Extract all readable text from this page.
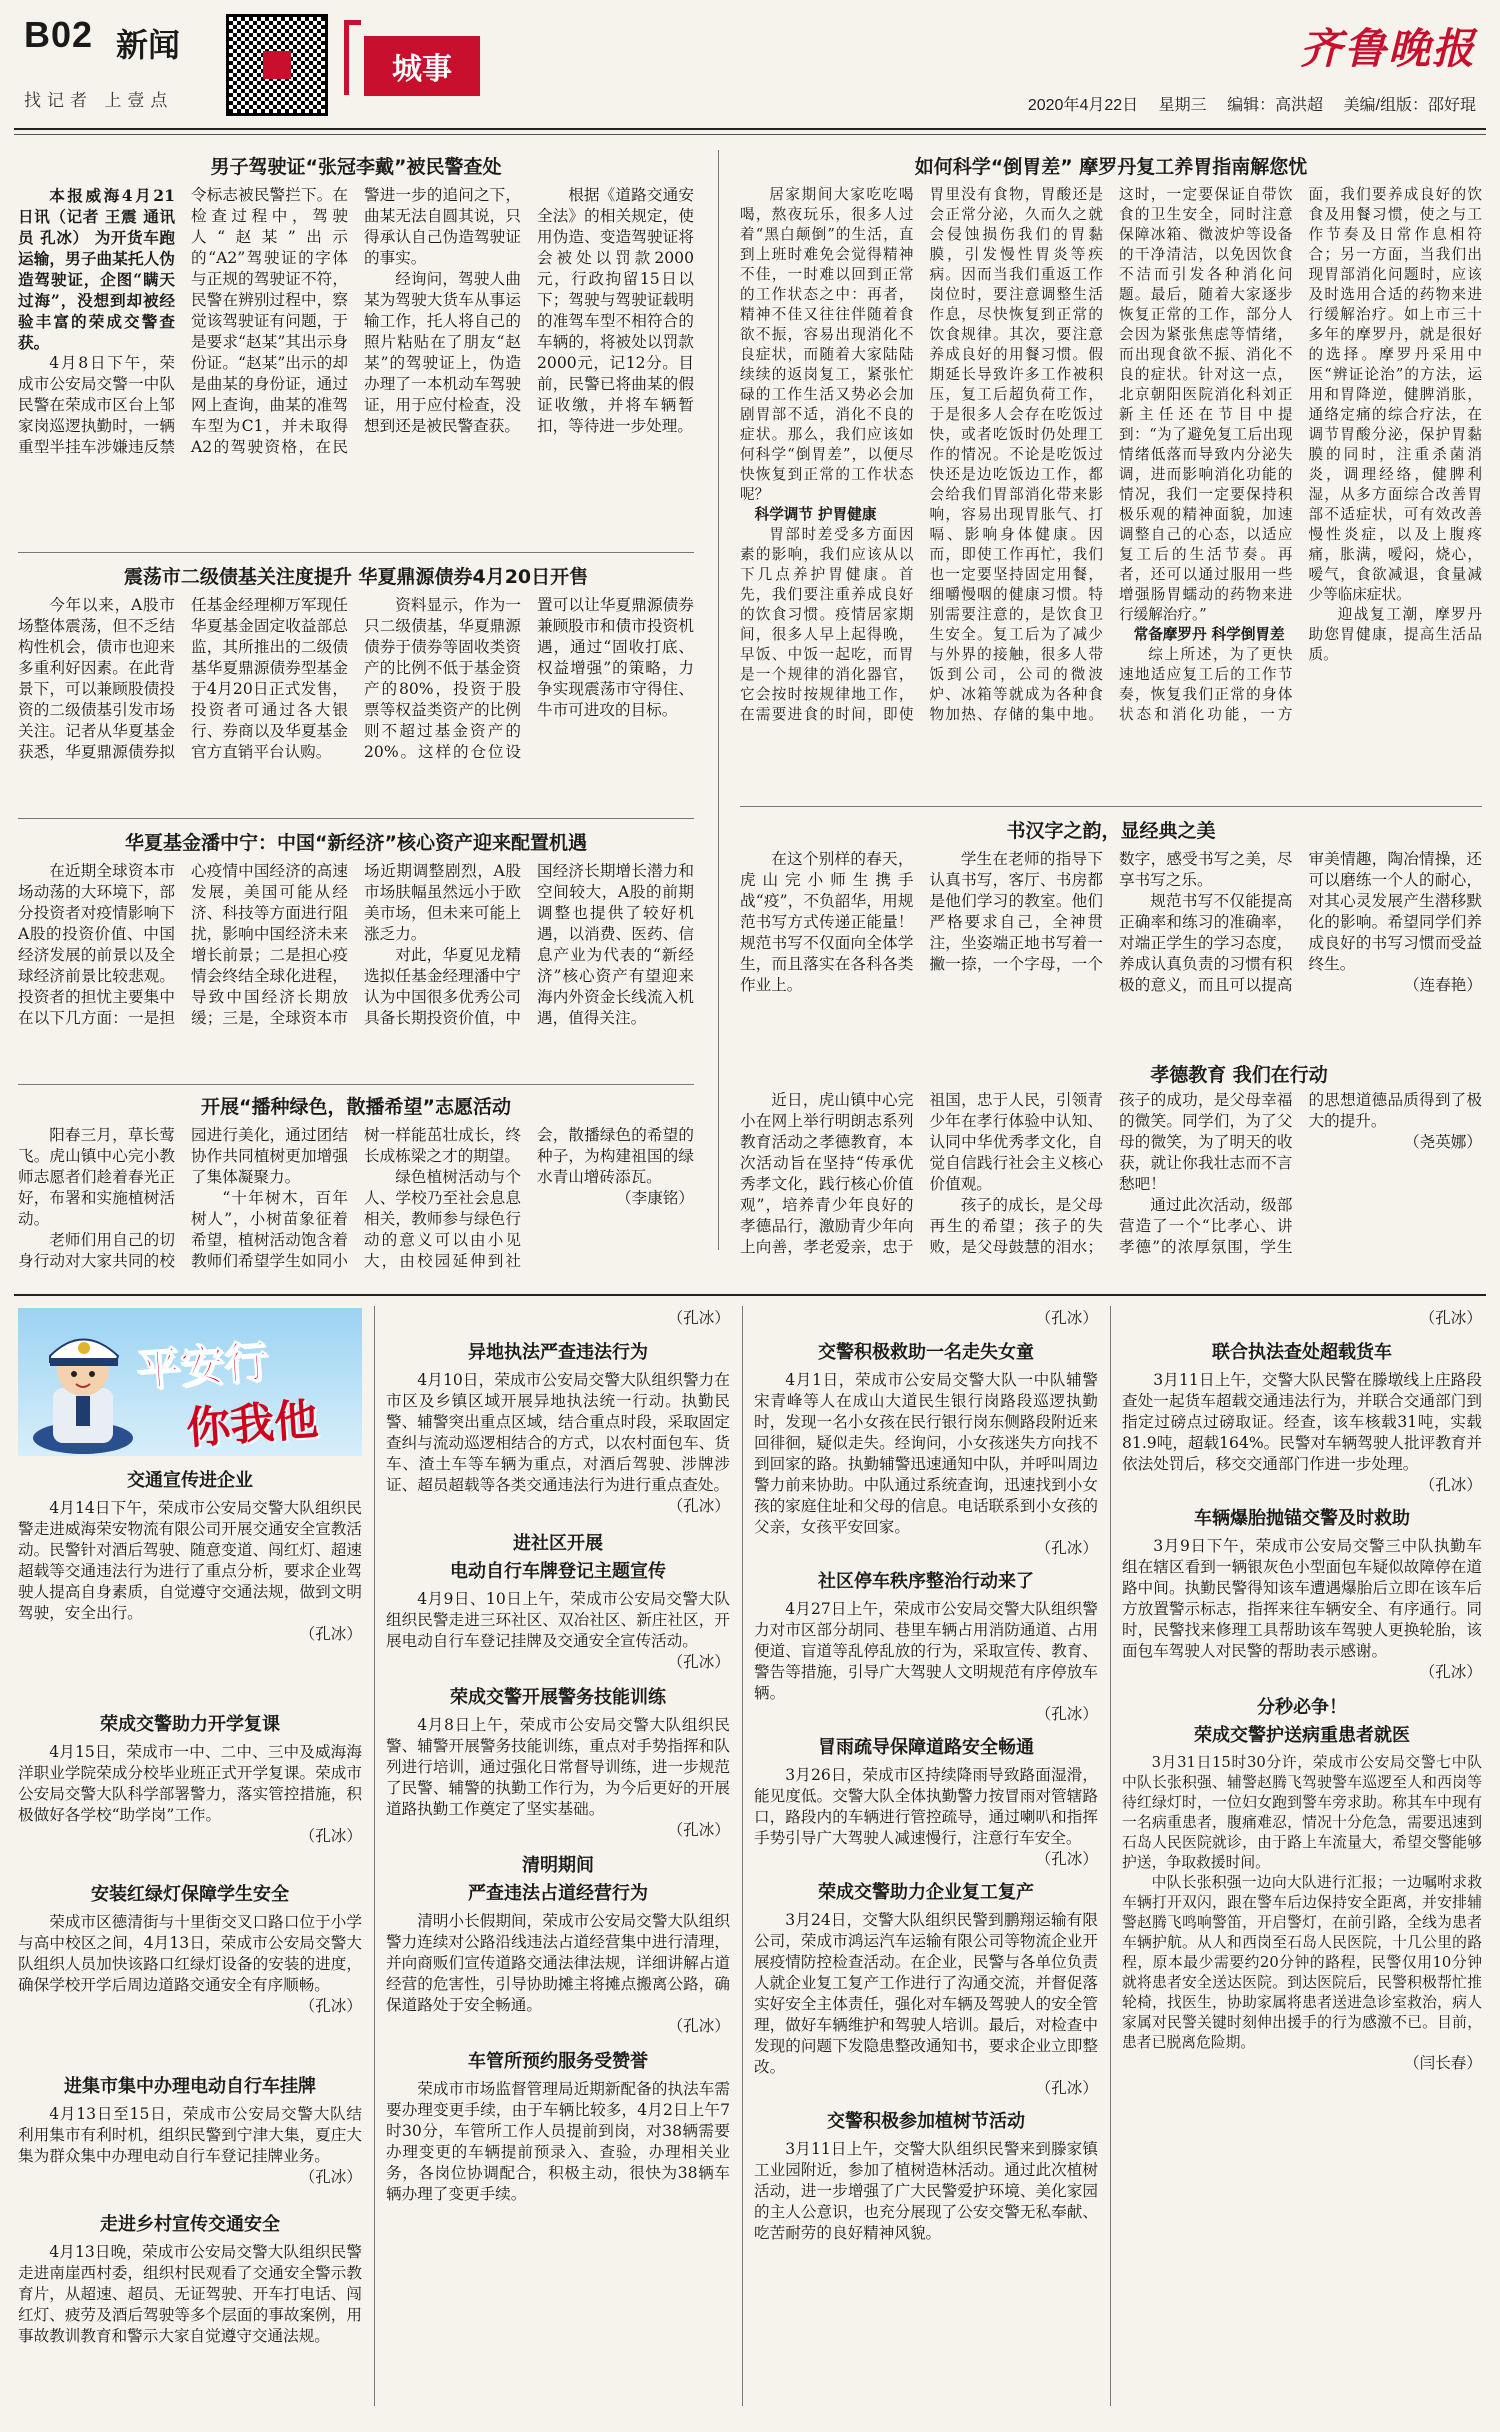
B02 新闻
找记者 上壹点
城事	齐鲁晚报
2020年4月22日 星期三 编辑：高洪超 美编/组版：邵好琨
男子驾驶证“张冠李戴”被民警查处

本报威海4月21日讯（记者 王震 通讯员 孔冰） 为开货车跑运输，男子曲某托人伪造驾驶证，企图“瞒天过海”，没想到却被经验丰富的荣成交警查获。

4月8日下午，荣成市公安局交警一中队民警在荣成市区台上邹家岗巡逻执勤时，一辆重型半挂车涉嫌违反禁令标志被民警拦下。在检查过程中，驾驶人“赵某”出示的“A2”驾驶证的字体与正规的驾驶证不符，民警在辨别过程中，察觉该驾驶证有问题，于是要求“赵某”其出示身份证。“赵某”出示的却是曲某的身份证，通过网上查询，曲某的准驾车型为C1，并未取得A2的驾驶资格，在民警进一步的追问之下，曲某无法自圆其说，只得承认自己伪造驾驶证的事实。

经询问，驾驶人曲某为驾驶大货车从事运输工作，托人将自己的照片粘贴在了朋友“赵某”的驾驶证上，伪造办理了一本机动车驾驶证，用于应付检查，没想到还是被民警查获。

根据《道路交通安全法》的相关规定，使用伪造、变造驾驶证将会被处以罚款2000元，行政拘留15日以下；驾驶与驾驶证载明的准驾车型不相符合的车辆的，将被处以罚款2000元，记12分。目前，民警已将曲某的假证收缴，并将车辆暂扣，等待进一步处理。

震荡市二级债基关注度提升 华夏鼎源债券4月20日开售

今年以来，A股市场整体震荡，但不乏结构性机会，债市也迎来多重利好因素。在此背景下，可以兼顾股债投资的二级债基引发市场关注。记者从华夏基金获悉，华夏鼎源债券拟任基金经理柳万军现任华夏基金固定收益部总监，其所推出的二级债基华夏鼎源债券型基金于4月20日正式发售，投资者可通过各大银行、券商以及华夏基金官方直销平台认购。

资料显示，作为一只二级债基，华夏鼎源债券于债券等固收类资产的比例不低于基金资产的80%，投资于股票等权益类资产的比例则不超过基金资产的20%。这样的仓位设置可以让华夏鼎源债券兼顾股市和债市投资机遇，通过“固收打底、权益增强”的策略，力争实现震荡市守得住、牛市可进攻的目标。

华夏基金潘中宁：中国“新经济”核心资产迎来配置机遇

在近期全球资本市场动荡的大环境下，部分投资者对疫情影响下A股的投资价值、中国经济发展的前景以及全球经济前景比较悲观。投资者的担忧主要集中在以下几方面：一是担心疫情中国经济的高速发展，美国可能从经济、科技等方面进行阻扰，影响中国经济未来增长前景；二是担心疫情会终结全球化进程，导致中国经济长期放缓；三是，全球资本市场近期调整剧烈，A股市场肤幅虽然远小于欧美市场，但未来可能上涨乏力。

对此，华夏见龙精选拟任基金经理潘中宁认为中国很多优秀公司具备长期投资价值，中国经济长期增长潜力和空间较大，A股的前期调整也提供了较好机遇，以消费、医药、信息产业为代表的“新经济”核心资产有望迎来海内外资金长线流入机遇，值得关注。

开展“播种绿色，散播希望”志愿活动

阳春三月，草长莺飞。虎山镇中心完小教师志愿者们趁着春光正好，布署和实施植树活动。

老师们用自己的切身行动对大家共同的校园进行美化，通过团结协作共同植树更加增强了集体凝聚力。

“十年树木，百年树人”，小树苗象征着希望，植树活动饱含着教师们希望学生如同小树一样能茁壮成长，终长成栋梁之才的期望。

绿色植树活动与个人、学校乃至社会息息相关，教师参与绿色行动的意义可以由小见大，由校园延伸到社会，散播绿色的希望的种子，为构建祖国的绿水青山增砖添瓦。

（李康铭）
如何科学“倒胃差” 摩罗丹复工养胃指南解您忧

居家期间大家吃吃喝喝，熬夜玩乐，很多人过着“黑白颠倒”的生活，直到上班时难免会觉得精神不佳，一时难以回到正常的工作状态之中：再者，精神不佳又往往伴随着食欲不振，容易出现消化不良症状，而随着大家陆陆续续的返岗复工，紧张忙碌的工作生活又势必会加剧胃部不适，消化不良的症状。那么，我们应该如何科学“倒胃差”，以便尽快恢复到正常的工作状态呢？

科学调节 护胃健康

胃部时差受多方面因素的影响，我们应该从以下几点养护胃健康。首先，我们要注重养成良好的饮食习惯。疫情居家期间，很多人早上起得晚，早饭、中饭一起吃，而胃是一个规律的消化器官，它会按时按规律地工作，在需要进食的时间，即使胃里没有食物，胃酸还是会正常分泌，久而久之就会侵蚀损伤我们的胃黏膜，引发慢性胃炎等疾病。因而当我们重返工作岗位时，要注意调整生活作息，尽快恢复到正常的饮食规律。其次，要注意养成良好的用餐习惯。假期延长导致许多工作被积压，复工后超负荷工作，于是很多人会存在吃饭过快，或者吃饭时仍处理工作的情况。不论是吃饭过快还是边吃饭边工作，都会给我们胃部消化带来影响，容易出现胃胀气、打嗝、影响身体健康。因而，即使工作再忙，我们也一定要坚持固定用餐，细嚼慢咽的健康习惯。特别需要注意的，是饮食卫生安全。复工后为了减少与外界的接触，很多人带饭到公司，公司的微波炉、冰箱等就成为各种食物加热、存储的集中地。这时，一定要保证自带饮食的卫生安全，同时注意保障冰箱、微波炉等设备的干净清洁，以免因饮食不洁而引发各种消化问题。最后，随着大家逐步恢复正常的工作，部分人会因为紧张焦虑等情绪，而出现食欲不振、消化不良的症状。针对这一点，北京朝阳医院消化科刘正新主任还在节目中提到：“为了避免复工后出现情绪低落而导致内分泌失调，进而影响消化功能的情况，我们一定要保持积极乐观的精神面貌，加速调整自己的心态，以适应复工后的生活节奏。再者，还可以通过服用一些增强肠胃蠕动的药物来进行缓解治疗。”

常备摩罗丹 科学倒胃差

综上所述，为了更快速地适应复工后的工作节奏，恢复我们正常的身体状态和消化功能，一方面，我们要养成良好的饮食及用餐习惯，使之与工作节奏及日常作息相符合；另一方面，当我们出现胃部消化问题时，应该及时选用合适的药物来进行缓解治疗。如上市三十多年的摩罗丹，就是很好的选择。摩罗丹采用中医“辨证论治”的方法，运用和胃降逆，健脾消胀，通络定痛的综合疗法，在调节胃酸分泌，保护胃黏膜的同时，注重杀菌消炎，调理经络，健脾利湿，从多方面综合改善胃部不适症状，可有效改善慢性炎症，以及上腹疼痛，胀满，嗳闷，烧心，嗳气，食欲减退，食量减少等临床症状。

迎战复工潮，摩罗丹助您胃健康，提高生活品质。

书汉字之韵，显经典之美

在这个别样的春天，虎山完小师生携手战“疫”，不负韶华，用规范书写方式传递正能量！规范书写不仅面向全体学生，而且落实在各科各类作业上。

学生在老师的指导下认真书写，客厅、书房都是他们学习的教室。他们严格要求自己，全神贯注，坐姿端正地书写着一撇一捺，一个字母，一个数字，感受书写之美，尽享书写之乐。

规范书写不仅能提高正确率和练习的准确率，对端正学生的学习态度，养成认真负责的习惯有积极的意义，而且可以提高审美情趣，陶冶情操，还可以磨练一个人的耐心，对其心灵发展产生潜移默化的影响。希望同学们养成良好的书写习惯而受益终生。

（连春艳）
孝德教育 我们在行动

近日，虎山镇中心完小在网上举行明朗志系列教育活动之孝德教育，本次活动旨在坚持“传承优秀孝文化，践行核心价值观”，培养青少年良好的孝德品行，激励青少年向上向善，孝老爱亲，忠于祖国，忠于人民，引领青少年在孝行体验中认知、认同中华优秀孝文化，自觉自信践行社会主义核心价值观。

孩子的成长，是父母再生的希望；孩子的失败，是父母鼓慧的泪水；孩子的成功，是父母幸福的微笑。同学们，为了父母的微笑，为了明天的收获，就让你我壮志而不言愁吧！

通过此次活动，级部营造了一个“比孝心、讲孝德”的浓厚氛围，学生的思想道德品质得到了极大的提升。

（尧英娜）
平安行
你我他
交通宣传进企业

4月14日下午，荣成市公安局交警大队组织民警走进威海荣安物流有限公司开展交通安全宣教活动。民警针对酒后驾驶、随意变道、闯红灯、超速超载等交通违法行为进行了重点分析，要求企业驾驶人提高自身素质，自觉遵守交通法规，做到文明驾驶，安全出行。

（孔冰）
荣成交警助力开学复课

4月15日，荣成市一中、二中、三中及威海海洋职业学院荣成分校毕业班正式开学复课。荣成市公安局交警大队科学部署警力，落实管控措施，积极做好各学校“助学岗”工作。

（孔冰）
安装红绿灯保障学生安全

荣成市区德清街与十里街交叉口路口位于小学与高中校区之间，4月13日，荣成市公安局交警大队组织人员加快该路口红绿灯设备的安装的进度，确保学校开学后周边道路交通安全有序顺畅。

（孔冰）
进集市集中办理电动自行车挂牌

4月13日至15日，荣成市公安局交警大队结利用集市有利时机，组织民警到宁津大集，夏庄大集为群众集中办理电动自行车登记挂牌业务。

（孔冰）
走进乡村宣传交通安全

4月13日晚，荣成市公安局交警大队组织民警走进南崖西村委，组织村民观看了交通安全警示教育片，从超速、超员、无证驾驶、开车打电话、闯红灯、疲劳及酒后驾驶等多个层面的事故案例，用事故教训教育和警示大家自觉遵守交通法规。

（孔冰）
异地执法严查违法行为

4月10日，荣成市公安局交警大队组织警力在市区及乡镇区域开展异地执法统一行动。执勤民警、辅警突出重点区域，结合重点时段，采取固定查纠与流动巡逻相结合的方式，以农村面包车、货车、渣土车等车辆为重点，对酒后驾驶、涉牌涉证、超员超载等各类交通违法行为进行重点查处。

（孔冰）
进社区开展
电动自行车牌登记主题宣传

4月9日、10日上午，荣成市公安局交警大队组织民警走进三环社区、双冶社区、新庄社区，开展电动自行车登记挂牌及交通安全宣传活动。

（孔冰）
荣成交警开展警务技能训练

4月8日上午，荣成市公安局交警大队组织民警、辅警开展警务技能训练，重点对手势指挥和队列进行培训，通过强化日常督导训练，进一步规范了民警、辅警的执勤工作行为，为今后更好的开展道路执勤工作奠定了坚实基础。

（孔冰）
清明期间
严查违法占道经营行为

清明小长假期间，荣成市公安局交警大队组织警力连续对公路沿线违法占道经营集中进行清理，并向商贩们宣传道路交通法律法规，详细讲解占道经营的危害性，引导协助摊主将摊点搬离公路，确保道路处于安全畅通。

（孔冰）
车管所预约服务受赞誉

荣成市市场监督管理局近期新配备的执法车需要办理变更手续，由于车辆比较多，4月2日上午7时30分，车管所工作人员提前到岗，对38辆需要办理变更的车辆提前预录入、查验，办理相关业务，各岗位协调配合，积极主动，很快为38辆车辆办理了变更手续。

（孔冰）
交警积极救助一名走失女童

4月1日，荣成市公安局交警大队一中队辅警宋青峰等人在成山大道民生银行岗路段巡逻执勤时，发现一名小女孩在民行银行岗东侧路段附近来回徘徊，疑似走失。经询问，小女孩迷失方向找不到回家的路。执勤辅警迅速通知中队，并呼叫周边警力前来协助。中队通过系统查询，迅速找到小女孩的家庭住址和父母的信息。电话联系到小女孩的父亲，女孩平安回家。

（孔冰）
社区停车秩序整治行动来了

4月27日上午，荣成市公安局交警大队组织警力对市区部分胡同、巷里车辆占用消防通道、占用便道、盲道等乱停乱放的行为，采取宣传、教育、警告等措施，引导广大驾驶人文明规范有序停放车辆。

（孔冰）
冒雨疏导保障道路安全畅通

3月26日，荣成市区持续降雨导致路面湿滑，能见度低。交警大队全体执勤警力按冒雨对管辖路口，路段内的车辆进行管控疏导，通过喇叭和指挥手势引导广大驾驶人减速慢行，注意行车安全。

（孔冰）
荣成交警助力企业复工复产

3月24日，交警大队组织民警到鹏翔运输有限公司，荣成市鸿运汽车运输有限公司等物流企业开展疫情防控检查活动。在企业，民警与各单位负责人就企业复工复产工作进行了沟通交流，并督促落实好安全主体责任，强化对车辆及驾驶人的安全管理，做好车辆维护和驾驶人培训。最后，对检查中发现的问题下发隐患整改通知书，要求企业立即整改。

（孔冰）
交警积极参加植树节活动

3月11日上午，交警大队组织民警来到滕家镇工业园附近，参加了植树造林活动。通过此次植树活动，进一步增强了广大民警爱护环境、美化家园的主人公意识，也充分展现了公安交警无私奉献、吃苦耐劳的良好精神风貌。

（孔冰）
联合执法查处超载货车

3月11日上午，交警大队民警在滕墩线上庄路段查处一起货车超载交通违法行为，并联合交通部门到指定过磅点过磅取证。经查，该车核载31吨，实载81.9吨，超载164%。民警对车辆驾驶人批评教育并依法处罚后，移交交通部门作进一步处理。

（孔冰）
车辆爆胎抛锚交警及时救助

3月9日下午，荣成市公安局交警三中队执勤车组在辖区看到一辆银灰色小型面包车疑似故障停在道路中间。执勤民警得知该车遭遇爆胎后立即在该车后方放置警示标志，指挥来往车辆安全、有序通行。同时，民警找来修理工具帮助该车驾驶人更换轮胎，该面包车驾驶人对民警的帮助表示感谢。

（孔冰）
分秒必争！
荣成交警护送病重患者就医

3月31日15时30分许，荣成市公安局交警七中队中队长张积强、辅警赵腾飞驾驶警车巡逻至人和西岗等待红绿灯时，一位妇女跑到警车旁求助。称其车中现有一名病重患者，腹痛难忍，情况十分危急，需要迅速到石岛人民医院就诊，由于路上车流量大，希望交警能够护送，争取救援时间。

中队长张积强一边向大队进行汇报；一边嘱咐求救车辆打开双闪，跟在警车后边保持安全距离，并安排辅警赵腾飞鸣响警笛，开启警灯，在前引路，全线为患者车辆护航。从人和西岗至石岛人民医院，十几公里的路程，原本最少需要约20分钟的路程，民警仅用10分钟就将患者安全送达医院。到达医院后，民警积极帮忙推轮椅，找医生，协助家属将患者送进急诊室救治，病人家属对民警关键时刻伸出援手的行为感激不已。目前，患者已脱离危险期。

（闫长春）
